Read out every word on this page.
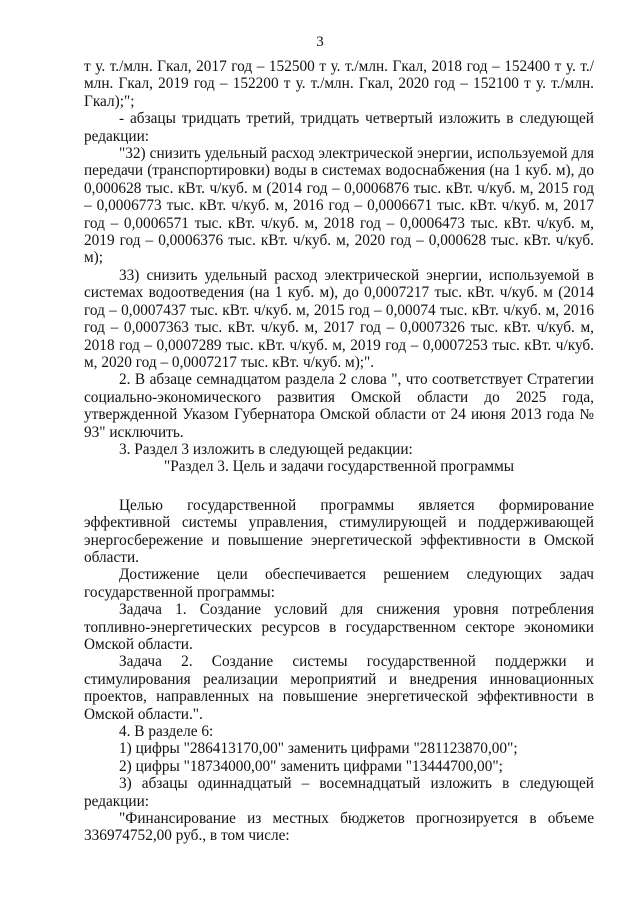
3

т у. т./млн. Гкал, 2017 год – 152500 т у. т./млн. Гкал, 2018 год – 152400 т у. т./млн. Гкал, 2019 год – 152200 т у. т./млн. Гкал, 2020 год – 152100 т у. т./млн. Гкал);";

- абзацы тридцать третий, тридцать четвертый изложить в следующей редакции:

"32) снизить удельный расход электрической энергии, используемой для передачи (транспортировки) воды в системах водоснабжения (на 1 куб. м), до 0,000628 тыс. кВт. ч/куб. м (2014 год – 0,0006876 тыс. кВт. ч/куб. м, 2015 год – 0,0006773 тыс. кВт. ч/куб. м, 2016 год – 0,0006671 тыс. кВт. ч/куб. м, 2017 год – 0,0006571 тыс. кВт. ч/куб. м, 2018 год – 0,0006473 тыс. кВт. ч/куб. м, 2019 год – 0,0006376 тыс. кВт. ч/куб. м, 2020 год – 0,000628 тыс. кВт. ч/куб. м);

33) снизить удельный расход электрической энергии, используемой в системах водоотведения (на 1 куб. м), до 0,0007217 тыс. кВт. ч/куб. м (2014 год – 0,0007437 тыс. кВт. ч/куб. м, 2015 год – 0,00074 тыс. кВт. ч/куб. м, 2016 год – 0,0007363 тыс. кВт. ч/куб. м, 2017 год – 0,0007326 тыс. кВт. ч/куб. м, 2018 год – 0,0007289 тыс. кВт. ч/куб. м, 2019 год – 0,0007253 тыс. кВт. ч/куб. м, 2020 год – 0,0007217 тыс. кВт. ч/куб. м);".

2. В абзаце семнадцатом раздела 2 слова ", что соответствует Стратегии социально-экономического развития Омской области до 2025 года, утвержденной Указом Губернатора Омской области от 24 июня 2013 года № 93" исключить.

3. Раздел 3 изложить в следующей редакции:

"Раздел 3. Цель и задачи государственной программы

Целью государственной программы является формирование эффективной системы управления, стимулирующей и поддерживающей энергосбережение и повышение энергетической эффективности в Омской области.

Достижение цели обеспечивается решением следующих задач государственной программы:

Задача 1. Создание условий для снижения уровня потребления топливно-энергетических ресурсов в государственном секторе экономики Омской области.

Задача 2. Создание системы государственной поддержки и стимулирования реализации мероприятий и внедрения инновационных проектов, направленных на повышение энергетической эффективности в Омской области.".

4. В разделе 6:

1) цифры "286413170,00" заменить цифрами "281123870,00";

2) цифры "18734000,00" заменить цифрами "13444700,00";

3) абзацы одиннадцатый – восемнадцатый изложить в следующей редакции:

"Финансирование из местных бюджетов прогнозируется в объеме 336974752,00 руб., в том числе:
